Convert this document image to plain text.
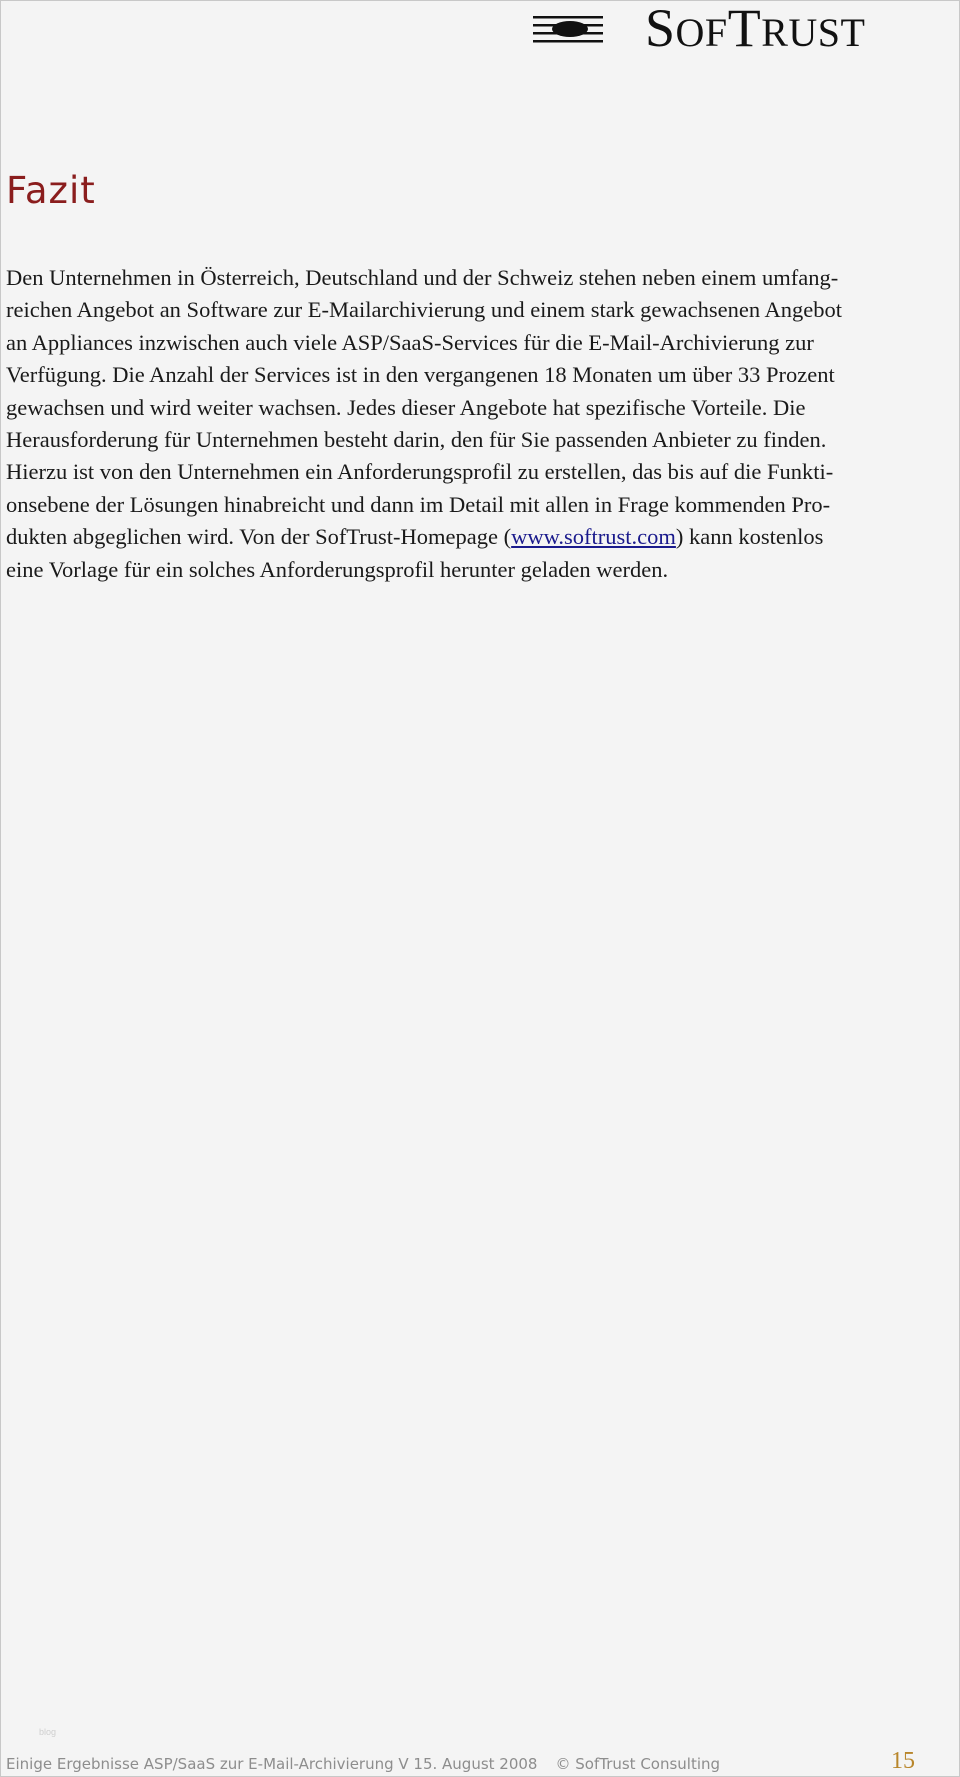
SOFTRUST
Fazit
Den Unternehmen in Österreich, Deutschland und der Schweiz stehen neben einem umfang-
reichen Angebot an Software zur E-Mailarchivierung und einem stark gewachsenen Angebot
an Appliances inzwischen auch viele ASP/SaaS-Services für die E-Mail-Archivierung zur
Verfügung. Die Anzahl der Services ist in den vergangenen 18 Monaten um über 33 Prozent
gewachsen und wird weiter wachsen. Jedes dieser Angebote hat spezifische Vorteile. Die
Herausforderung für Unternehmen besteht darin, den für Sie passenden Anbieter zu finden.
Hierzu ist von den Unternehmen ein Anforderungsprofil zu erstellen, das bis auf die Funkti-
onsebene der Lösungen hinabreicht und dann im Detail mit allen in Frage kommenden Pro-
dukten abgeglichen wird. Von der SofTrust-Homepage (www.softrust.com) kann kostenlos
eine Vorlage für ein solches Anforderungsprofil herunter geladen werden.
blog
Einige Ergebnisse ASP/SaaS zur E-Mail-Archivierung V 15. August 2008 © SofTrust Consulting	15
